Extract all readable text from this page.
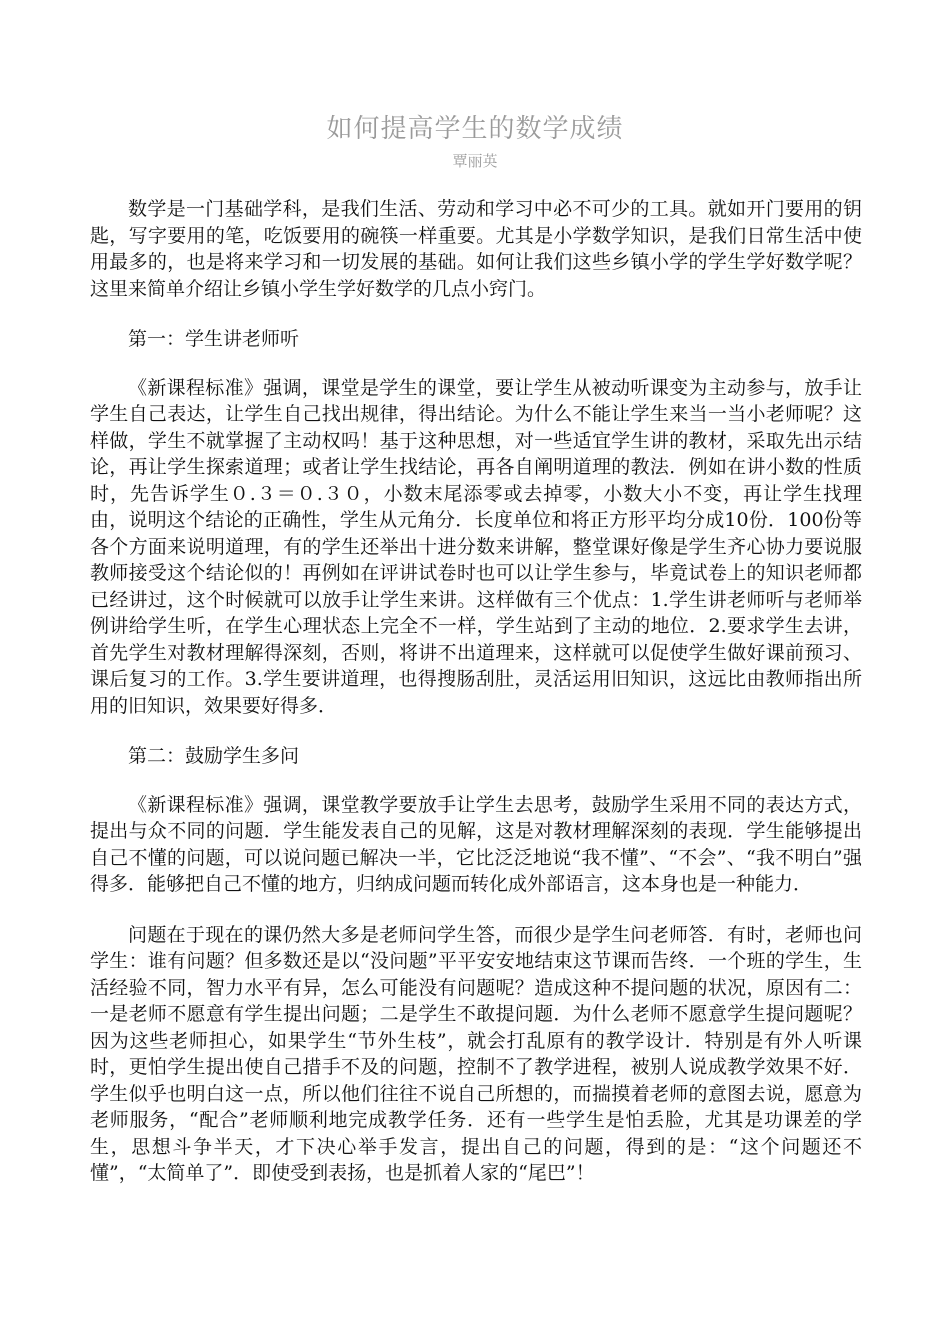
如何提高学生的数学成绩
覃丽英

数学是一门基础学科，是我们生活、劳动和学习中必不可少的工具。就如开门要用的钥匙，写字要用的笔，吃饭要用的碗筷一样重要。尤其是小学数学知识，是我们日常生活中使用最多的，也是将来学习和一切发展的基础。如何让我们这些乡镇小学的学生学好数学呢？这里来简单介绍让乡镇小学生学好数学的几点小窍门。

第一：学生讲老师听

《新课程标准》强调，课堂是学生的课堂，要让学生从被动听课变为主动参与，放手让学生自己表达，让学生自己找出规律，得出结论。为什么不能让学生来当一当小老师呢？这样做，学生不就掌握了主动权吗！基于这种思想，对一些适宜学生讲的教材，采取先出示结论，再让学生探索道理；或者让学生找结论，再各自阐明道理的教法．例如在讲小数的性质时，先告诉学生０.３＝０.３０，小数末尾添零或去掉零，小数大小不变，再让学生找理由，说明这个结论的正确性，学生从元角分．长度单位和将正方形平均分成10份．100份等各个方面来说明道理，有的学生还举出十进分数来讲解，整堂课好像是学生齐心协力要说服教师接受这个结论似的！再例如在评讲试卷时也可以让学生参与，毕竟试卷上的知识老师都已经讲过，这个时候就可以放手让学生来讲。这样做有三个优点：1.学生讲老师听与老师举例讲给学生听，在学生心理状态上完全不一样，学生站到了主动的地位．2.要求学生去讲，首先学生对教材理解得深刻，否则，将讲不出道理来，这样就可以促使学生做好课前预习、课后复习的工作。3.学生要讲道理，也得搜肠刮肚，灵活运用旧知识，这远比由教师指出所用的旧知识，效果要好得多．

第二：鼓励学生多问

《新课程标准》强调，课堂教学要放手让学生去思考，鼓励学生采用不同的表达方式，提出与众不同的问题．学生能发表自己的见解，这是对教材理解深刻的表现．学生能够提出自己不懂的问题，可以说问题已解决一半，它比泛泛地说“我不懂”、“不会”、“我不明白”强得多．能够把自己不懂的地方，归纳成问题而转化成外部语言，这本身也是一种能力．

问题在于现在的课仍然大多是老师问学生答，而很少是学生问老师答．有时，老师也问学生：谁有问题？但多数还是以“没问题”平平安安地结束这节课而告终．一个班的学生，生活经验不同，智力水平有异，怎么可能没有问题呢？造成这种不提问题的状况，原因有二：一是老师不愿意有学生提出问题；二是学生不敢提问题．为什么老师不愿意学生提问题呢？因为这些老师担心，如果学生“节外生枝”，就会打乱原有的教学设计．特别是有外人听课时，更怕学生提出使自己措手不及的问题，控制不了教学进程，被别人说成教学效果不好．学生似乎也明白这一点，所以他们往往不说自己所想的，而揣摸着老师的意图去说，愿意为老师服务，“配合”老师顺利地完成教学任务．还有一些学生是怕丢脸，尤其是功课差的学生，思想斗争半天，才下决心举手发言，提出自己的问题，得到的是：“这个问题还不懂”，“太简单了”．即使受到表扬，也是抓着人家的“尾巴”！
